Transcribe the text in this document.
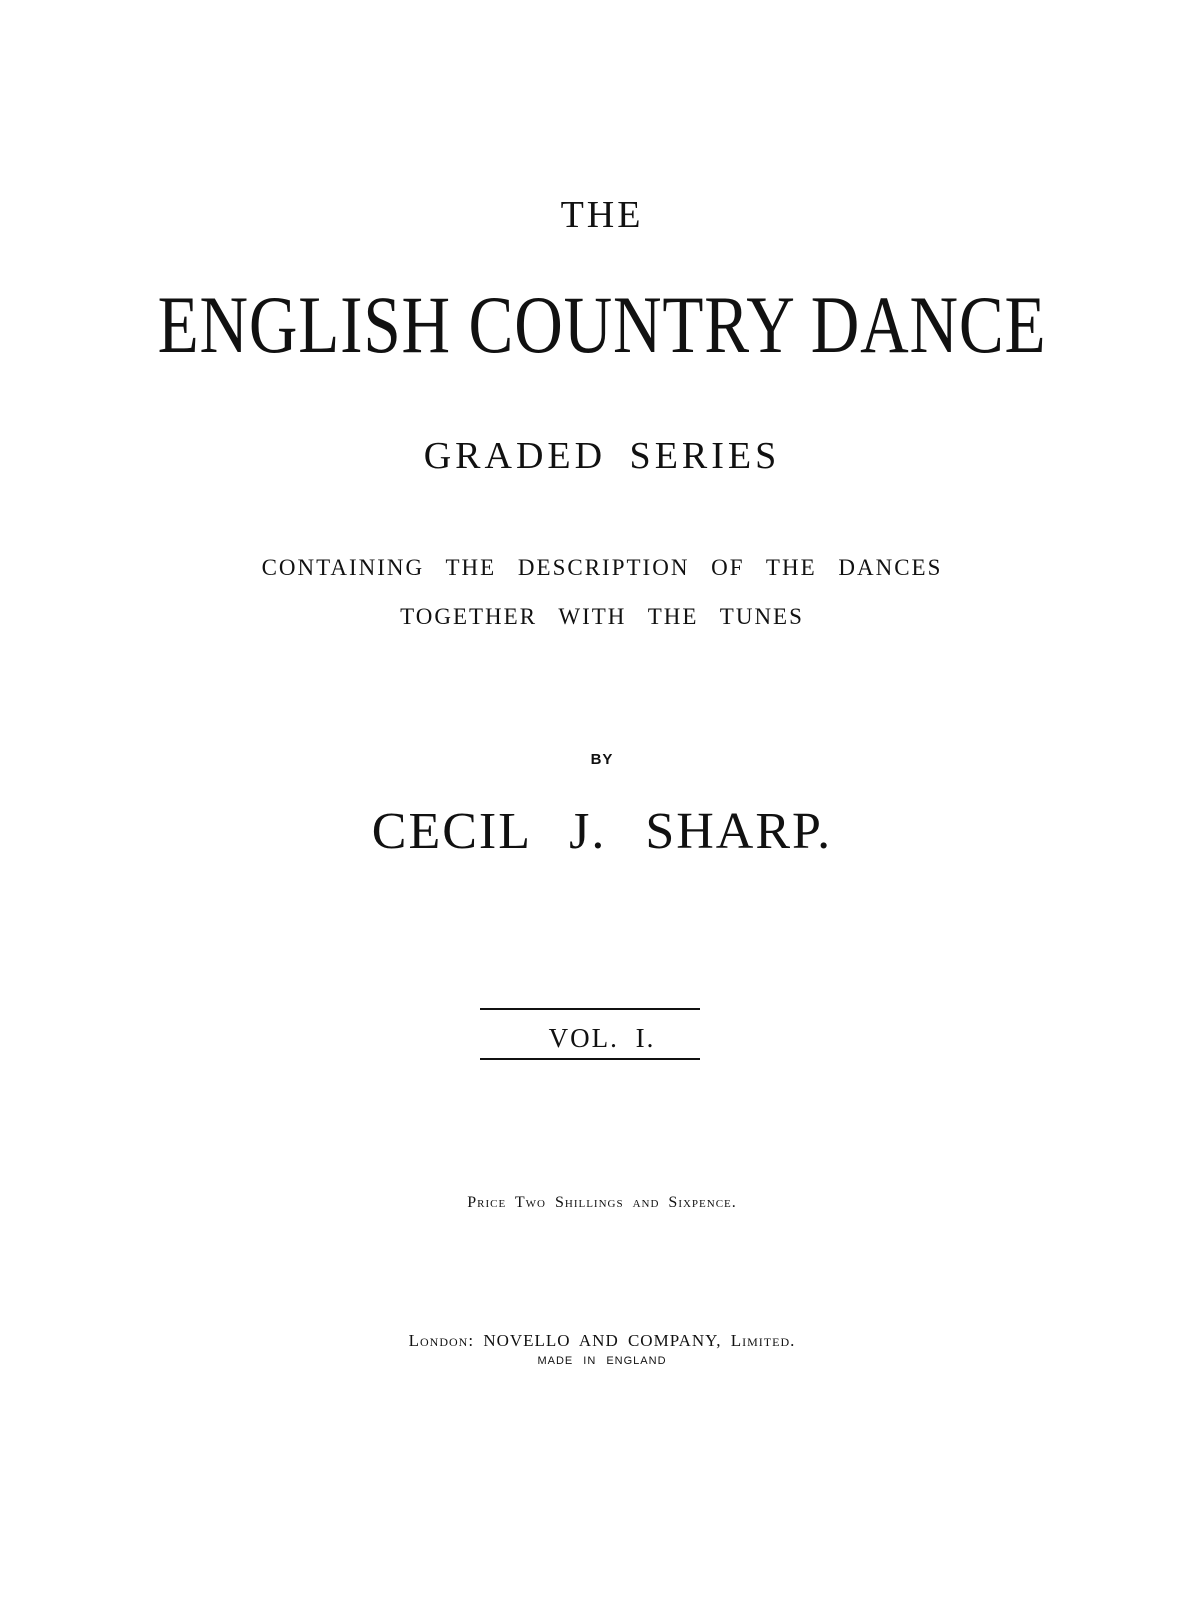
THE
ENGLISH COUNTRY DANCE
GRADED SERIES
CONTAINING THE DESCRIPTION OF THE DANCES
TOGETHER WITH THE TUNES
BY
CECIL J. SHARP.
VOL. I.
Price Two Shillings and Sixpence.
London: NOVELLO AND COMPANY, Limited.
MADE IN ENGLAND
